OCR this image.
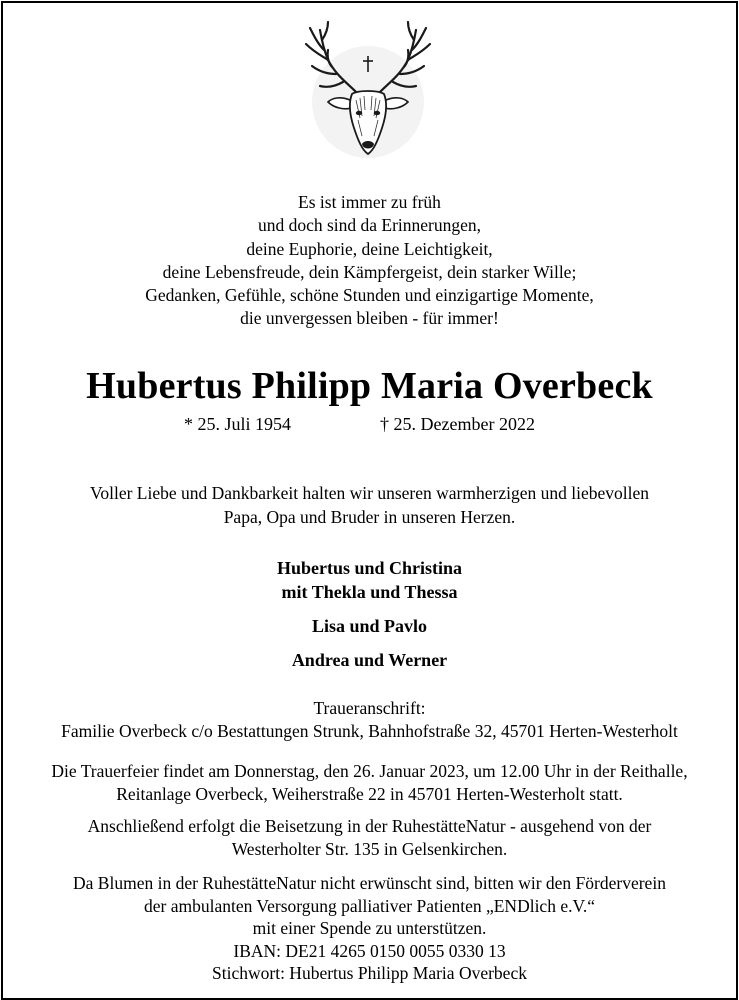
Es ist immer zu früh
und doch sind da Erinnerungen,
deine Euphorie, deine Leichtigkeit,
deine Lebensfreude, dein Kämpfergeist, dein starker Wille;
Gedanken, Gefühle, schöne Stunden und einzigartige Momente,
die unvergessen bleiben - für immer!
Hubertus Philipp Maria Overbeck
* 25. Juli 1954	† 25. Dezember 2022
Voller Liebe und Dankbarkeit halten wir unseren warmherzigen und liebevollen
Papa, Opa und Bruder in unseren Herzen.
Hubertus und Christina
mit Thekla und Thessa
Lisa und Pavlo
Andrea und Werner
Traueranschrift:
Familie Overbeck c/o Bestattungen Strunk, Bahnhofstraße 32, 45701 Herten-Westerholt
Die Trauerfeier findet am Donnerstag, den 26. Januar 2023, um 12.00 Uhr in der Reithalle,
Reitanlage Overbeck, Weiherstraße 22 in 45701 Herten-Westerholt statt.
Anschließend erfolgt die Beisetzung in der RuhestätteNatur - ausgehend von der
Westerholter Str. 135 in Gelsenkirchen.
Da Blumen in der RuhestätteNatur nicht erwünscht sind, bitten wir den Förderverein
der ambulanten Versorgung palliativer Patienten „ENDlich e.V.“
mit einer Spende zu unterstützen.
IBAN: DE21 4265 0150 0055 0330 13
Stichwort: Hubertus Philipp Maria Overbeck
